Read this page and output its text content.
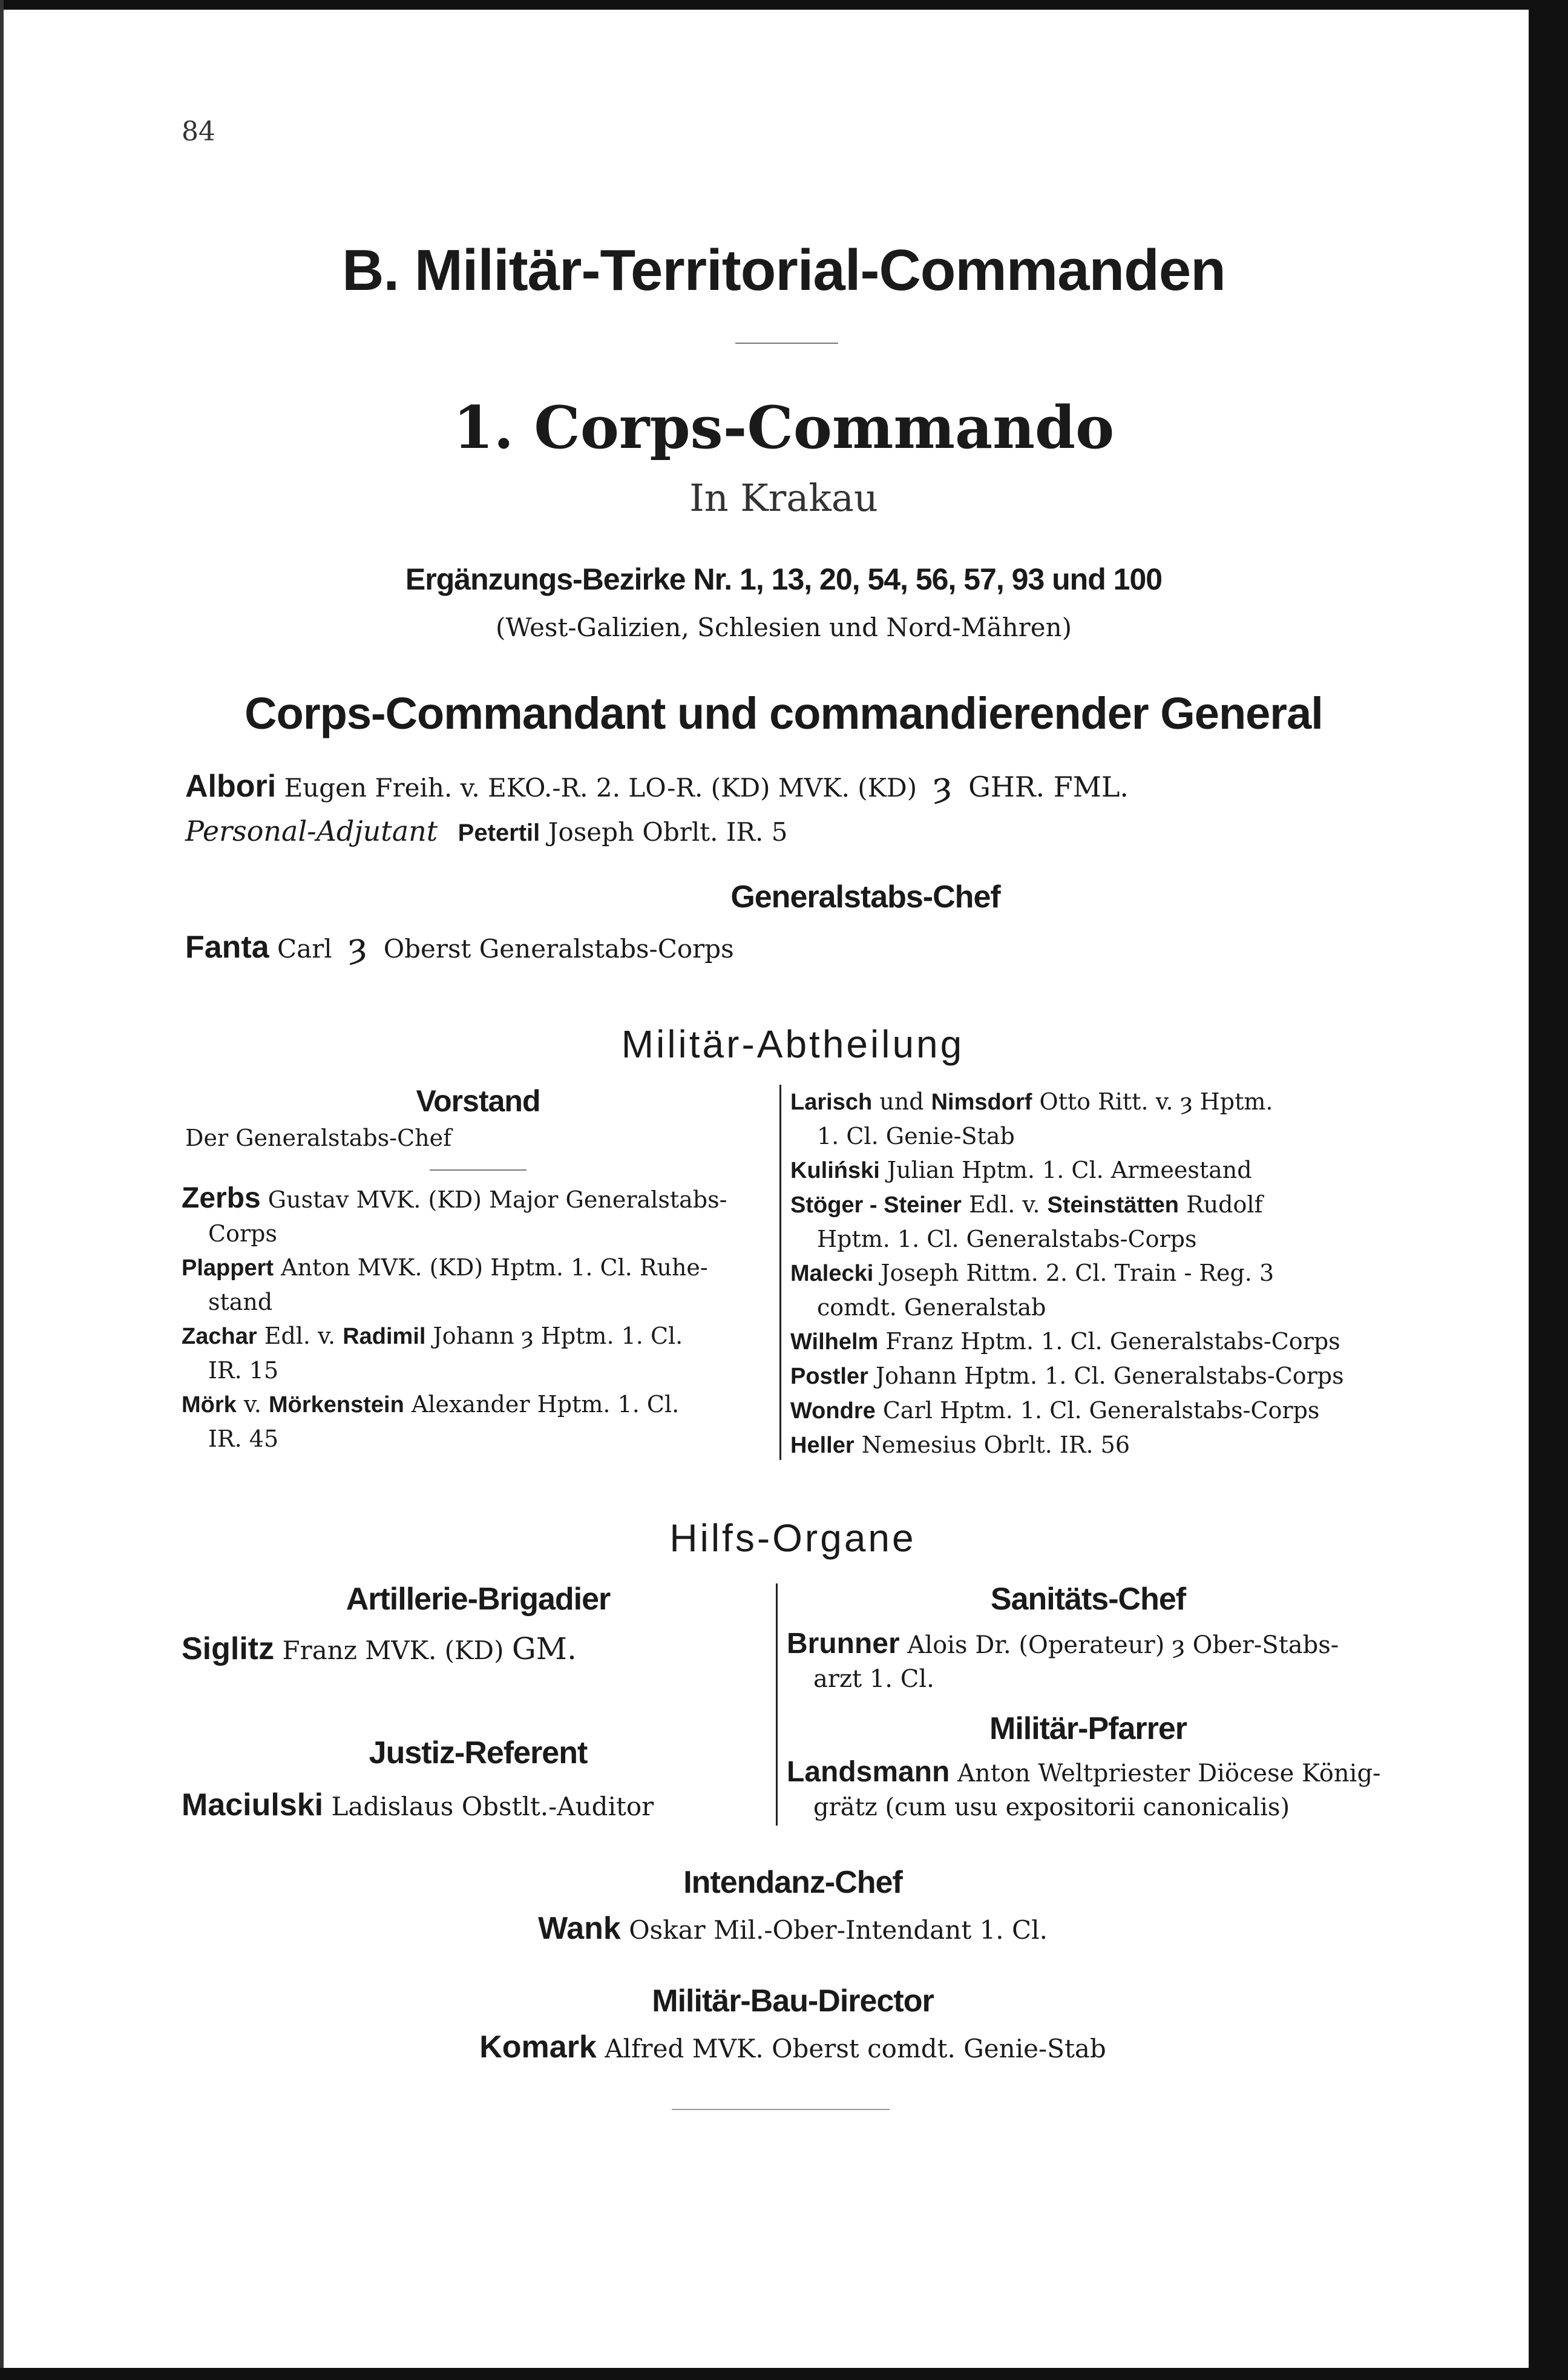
84
B. Militär-Territorial-Commanden
1. Corps-Commando
In Krakau
Ergänzungs-Bezirke Nr. 1, 13, 20, 54, 56, 57, 93 und 100
(West-Galizien, Schlesien und Nord-Mähren)
Corps-Commandant und commandierender General
Albori Eugen Freih. v. EKO.-R. 2. LO-R. (KD) MVK. (KD) ȝ GHR. FML.
Personal-Adjutant Petertil Joseph Obrlt. IR. 5
Generalstabs-Chef
Fanta Carl ȝ Oberst Generalstabs-Corps
Militär-Abtheilung
Vorstand
Der Generalstabs-Chef
Zerbs Gustav MVK. (KD) Major Generalstabs-
Corps
Plappert Anton MVK. (KD) Hptm. 1. Cl. Ruhe-
stand
Zachar Edl. v. Radimil Johann ȝ Hptm. 1. Cl.
IR. 15
Mörk v. Mörkenstein Alexander Hptm. 1. Cl.
IR. 45
Larisch und Nimsdorf Otto Ritt. v. ȝ Hptm.
1. Cl. Genie-Stab
Kuliński Julian Hptm. 1. Cl. Armeestand
Stöger - Steiner Edl. v. Steinstätten Rudolf
Hptm. 1. Cl. Generalstabs-Corps
Malecki Joseph Rittm. 2. Cl. Train - Reg. 3
comdt. Generalstab
Wilhelm Franz Hptm. 1. Cl. Generalstabs-Corps
Postler Johann Hptm. 1. Cl. Generalstabs-Corps
Wondre Carl Hptm. 1. Cl. Generalstabs-Corps
Heller Nemesius Obrlt. IR. 56
Hilfs-Organe
Artillerie-Brigadier
Siglitz Franz MVK. (KD) GM.
Justiz-Referent
Maciulski Ladislaus Obstlt.-Auditor
Sanitäts-Chef
Brunner Alois Dr. (Operateur) ȝ Ober-Stabs-
arzt 1. Cl.
Militär-Pfarrer
Landsmann Anton Weltpriester Diöcese König-
grätz (cum usu expositorii canonicalis)
Intendanz-Chef
Wank Oskar Mil.-Ober-Intendant 1. Cl.
Militär-Bau-Director
Komark Alfred MVK. Oberst comdt. Genie-Stab
